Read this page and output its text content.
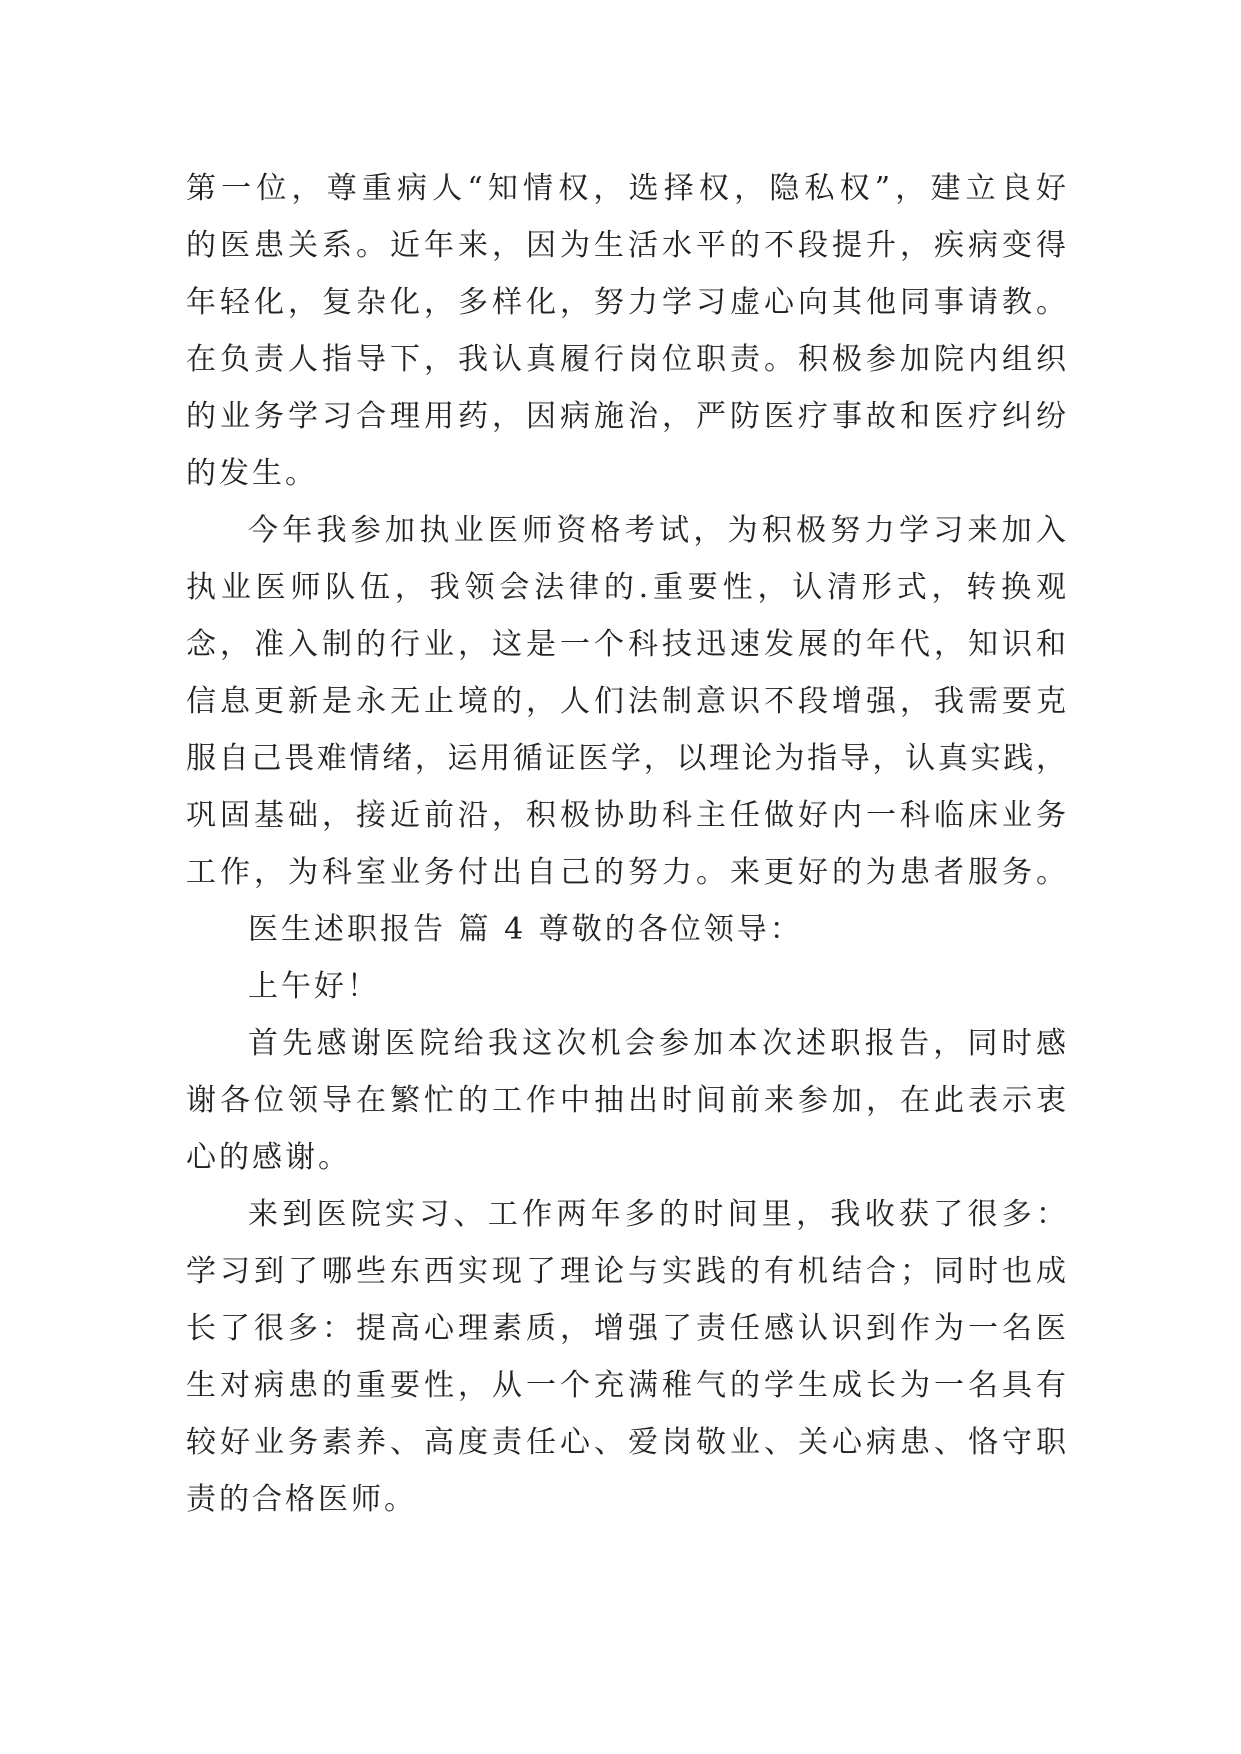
第一位，尊重病人“知情权，选择权，隐私权”，建立良好
的医患关系。近年来，因为生活水平的不段提升，疾病变得
年轻化，复杂化，多样化，努力学习虚心向其他同事请教。
在负责人指导下，我认真履行岗位职责。积极参加院内组织
的业务学习合理用药，因病施治，严防医疗事故和医疗纠纷
的发生。
今年我参加执业医师资格考试，为积极努力学习来加入
执业医师队伍，我领会法律的.重要性，认清形式，转换观
念，准入制的行业，这是一个科技迅速发展的年代，知识和
信息更新是永无止境的，人们法制意识不段增强，我需要克
服自己畏难情绪，运用循证医学，以理论为指导，认真实践，
巩固基础，接近前沿，积极协助科主任做好内一科临床业务
工作，为科室业务付出自己的努力。来更好的为患者服务。
医生述职报告 篇 4 尊敬的各位领导：
上午好！
首先感谢医院给我这次机会参加本次述职报告，同时感
谢各位领导在繁忙的工作中抽出时间前来参加，在此表示衷
心的感谢。
来到医院实习、工作两年多的时间里，我收获了很多：
学习到了哪些东西实现了理论与实践的有机结合；同时也成
长了很多：提高心理素质，增强了责任感认识到作为一名医
生对病患的重要性，从一个充满稚气的学生成长为一名具有
较好业务素养、高度责任心、爱岗敬业、关心病患、恪守职
责的合格医师。
